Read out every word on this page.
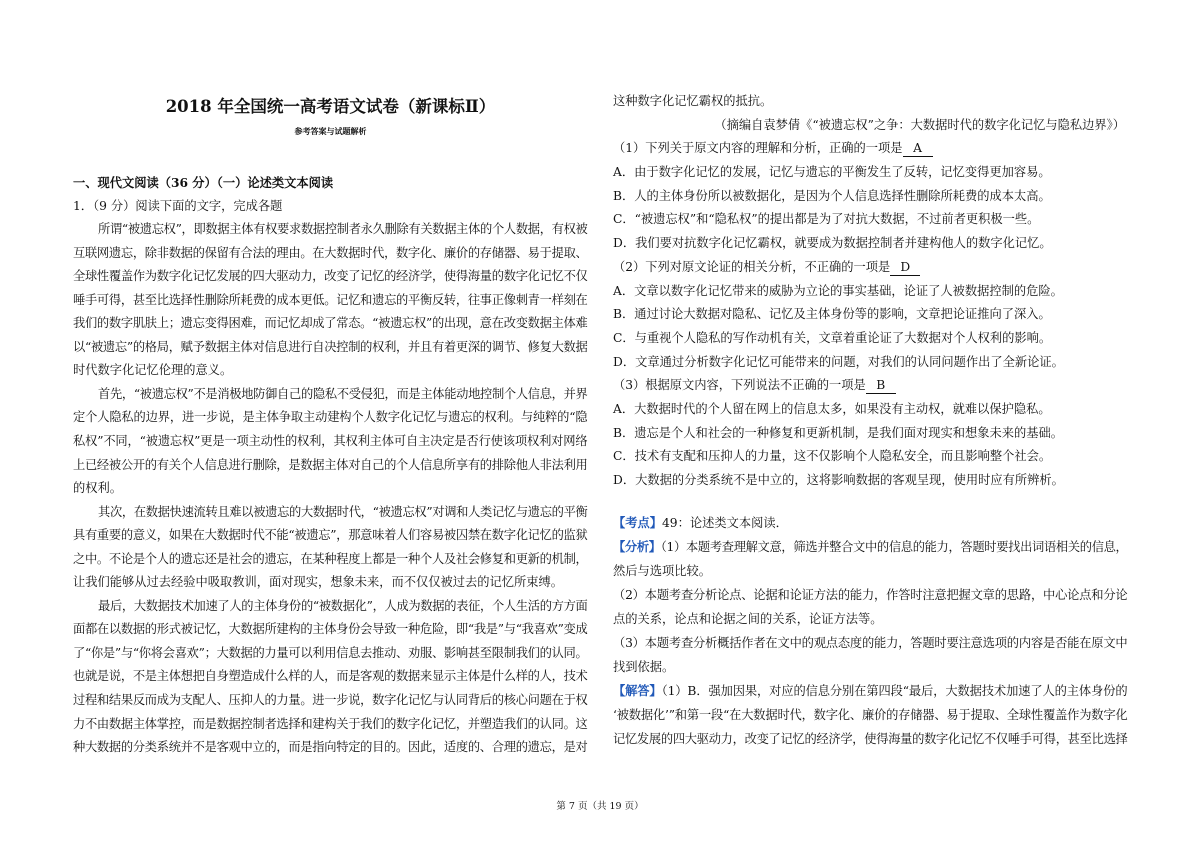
2018 年全国统一高考语文试卷（新课标Ⅱ）
参考答案与试题解析
一、现代文阅读（36 分）（一）论述类文本阅读
1．（9 分）阅读下面的文字，完成各题
所谓“被遗忘权”，即数据主体有权要求数据控制者永久删除有关数据主体的个人数据，有权被
互联网遗忘，除非数据的保留有合法的理由。在大数据时代，数字化、廉价的存储器、易于提取、
全球性覆盖作为数字化记忆发展的四大驱动力，改变了记忆的经济学，使得海量的数字化记忆不仅
唾手可得，甚至比选择性删除所耗费的成本更低。记忆和遗忘的平衡反转，往事正像刺青一样刻在
我们的数字肌肤上；遗忘变得困难，而记忆却成了常态。“被遗忘权”的出现，意在改变数据主体难
以“被遗忘”的格局，赋予数据主体对信息进行自决控制的权利，并且有着更深的调节、修复大数据
时代数字化记忆伦理的意义。
首先，“被遗忘权”不是消极地防御自己的隐私不受侵犯，而是主体能动地控制个人信息，并界
定个人隐私的边界，进一步说，是主体争取主动建构个人数字化记忆与遗忘的权利。与纯粹的“隐
私权”不同，“被遗忘权”更是一项主动性的权利，其权利主体可自主决定是否行使该项权利对网络
上已经被公开的有关个人信息进行删除，是数据主体对自己的个人信息所享有的排除他人非法利用
的权利。
其次，在数据快速流转且难以被遗忘的大数据时代，“被遗忘权”对调和人类记忆与遗忘的平衡
具有重要的意义，如果在大数据时代不能“被遗忘”，那意味着人们容易被囚禁在数字化记忆的监狱
之中。不论是个人的遗忘还是社会的遗忘，在某种程度上都是一种个人及社会修复和更新的机制，
让我们能够从过去经验中吸取教训，面对现实，想象未来，而不仅仅被过去的记忆所束缚。
最后，大数据技术加速了人的主体身份的“被数据化”，人成为数据的表征，个人生活的方方面
面都在以数据的形式被记忆，大数据所建构的主体身份会导致一种危险，即“我是”与“我喜欢”变成
了“你是”与“你将会喜欢”；大数据的力量可以利用信息去推动、劝服、影响甚至限制我们的认同。
也就是说，不是主体想把自身塑造成什么样的人，而是客观的数据来显示主体是什么样的人，技术
过程和结果反而成为支配人、压抑人的力量。进一步说，数字化记忆与认同背后的核心问题在于权
力不由数据主体掌控，而是数据控制者选择和建构关于我们的数字化记忆，并塑造我们的认同。这
种大数据的分类系统并不是客观中立的，而是指向特定的目的。因此，适度的、合理的遗忘，是对
这种数字化记忆霸权的抵抗。
（摘编自袁梦倩《“被遗忘权”之争：大数据时代的数字化记忆与隐私边界》）
（1）下列关于原文内容的理解和分析，正确的一项是 A
A．由于数字化记忆的发展，记忆与遗忘的平衡发生了反转，记忆变得更加容易。
B．人的主体身份所以被数据化，是因为个人信息选择性删除所耗费的成本太高。
C．“被遗忘权”和“隐私权”的提出都是为了对抗大数据，不过前者更积极一些。
D．我们要对抗数字化记忆霸权，就要成为数据控制者并建构他人的数字化记忆。
（2）下列对原文论证的相关分析，不正确的一项是 D
A．文章以数字化记忆带来的威胁为立论的事实基础，论证了人被数据控制的危险。
B．通过讨论大数据对隐私、记忆及主体身份等的影响，文章把论证推向了深入。
C．与重视个人隐私的写作动机有关，文章着重论证了大数据对个人权利的影响。
D．文章通过分析数字化记忆可能带来的问题，对我们的认同问题作出了全新论证。
（3）根据原文内容，下列说法不正确的一项是 B
A．大数据时代的个人留在网上的信息太多，如果没有主动权，就难以保护隐私。
B．遗忘是个人和社会的一种修复和更新机制，是我们面对现实和想象未来的基础。
C．技术有支配和压抑人的力量，这不仅影响个人隐私安全，而且影响整个社会。
D．大数据的分类系统不是中立的，这将影响数据的客观呈现，使用时应有所辨析。
【考点】49：论述类文本阅读．
【分析】（1）本题考查理解文意，筛选并整合文中的信息的能力，答题时要找出词语相关的信息，
然后与选项比较。
（2）本题考查分析论点、论据和论证方法的能力，作答时注意把握文章的思路，中心论点和分论
点的关系，论点和论据之间的关系，论证方法等。
（3）本题考查分析概括作者在文中的观点态度的能力，答题时要注意选项的内容是否能在原文中
找到依据。
【解答】（1）B．强加因果，对应的信息分别在第四段“最后，大数据技术加速了人的主体身份的
‘被数据化’”和第一段“在大数据时代，数字化、廉价的存储器、易于提取、全球性覆盖作为数字化
记忆发展的四大驱动力，改变了记忆的经济学，使得海量的数字化记忆不仅唾手可得，甚至比选择
第 7 页（共 19 页）
